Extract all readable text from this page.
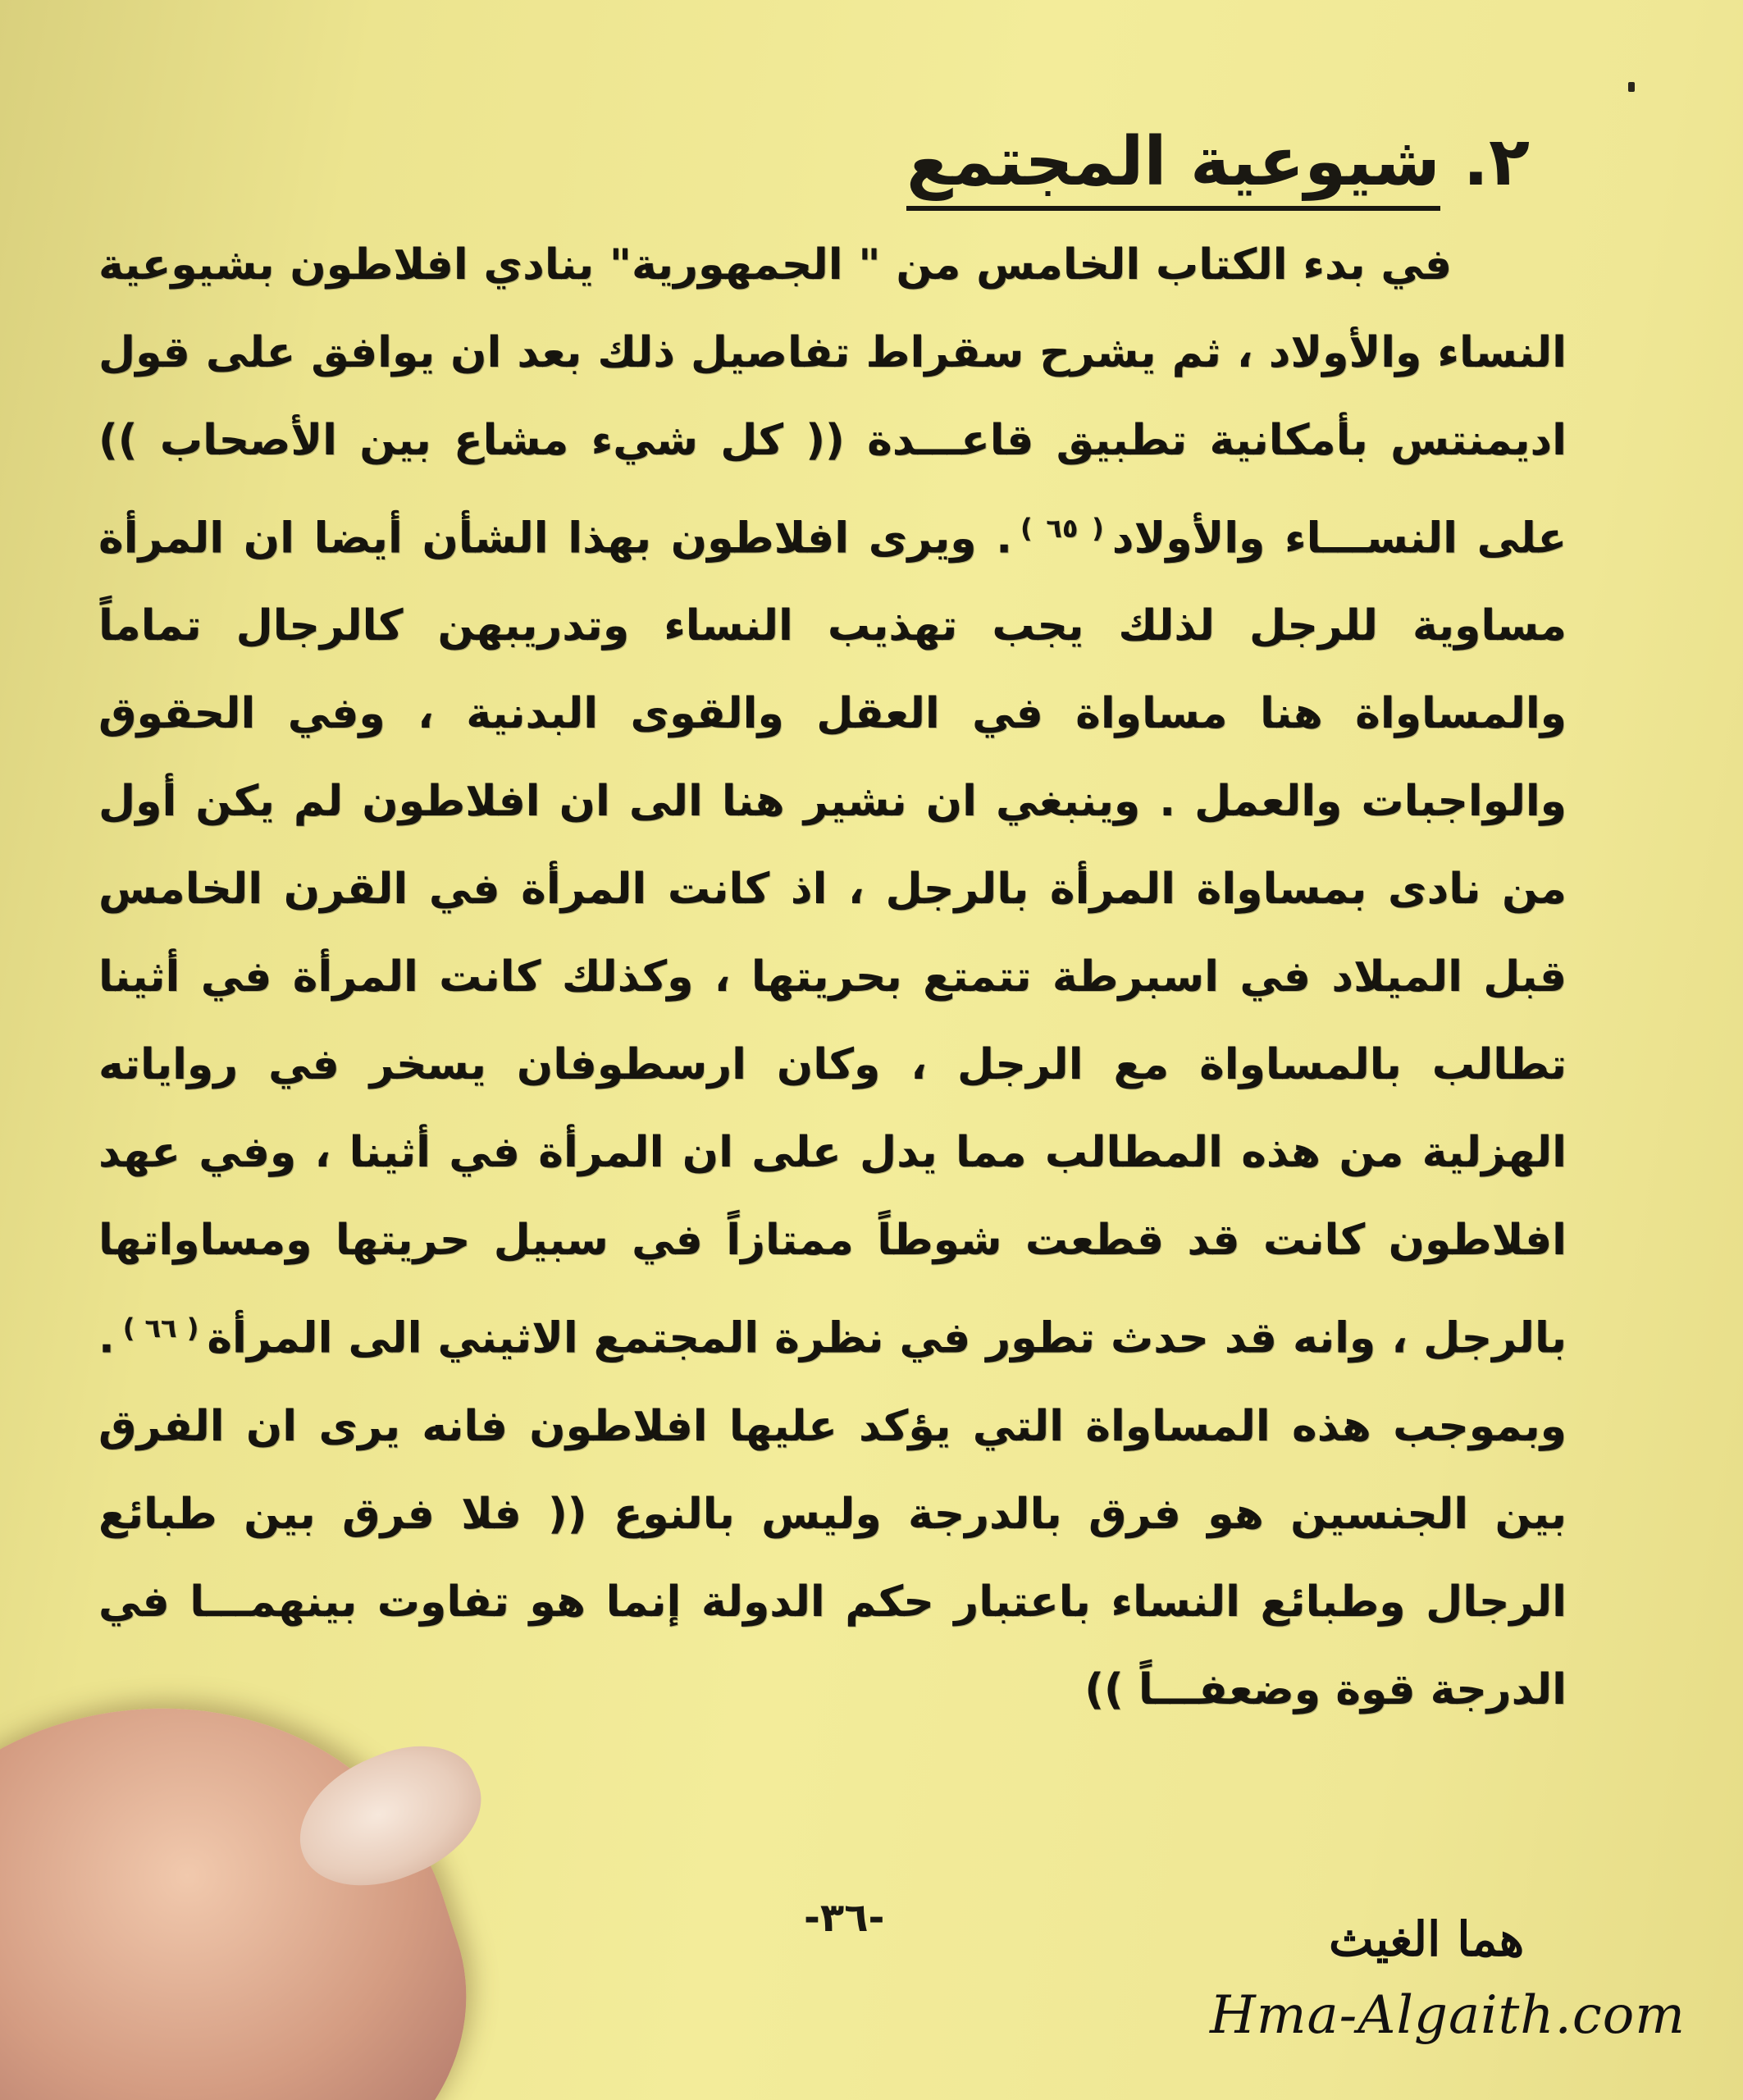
٢.
شيوعية المجتمع

في بدء الكتاب الخامس من " الجمهورية" ينادي افلاطون بشيوعية النساء والأولاد ، ثم يشرح سقراط تفاصيل ذلك بعد ان يوافق على قول اديمنتس بأمكانية تطبيق قاعـــدة (( كل شيء مشاع بين الأصحاب )) على النســـاء والأولاد$^{( ٦٥ )}$. ويرى افلاطون بهذا الشأن أيضا ان المرأة مساوية للرجل لذلك يجب تهذيب النساء وتدريبهن كالرجال تماماً والمساواة هنا مساواة في العقل والقوى البدنية ، وفي الحقوق والواجبات والعمل . وينبغي ان نشير هنا الى ان افلاطون لم يكن أول من نادى بمساواة المرأة بالرجل ، اذ كانت المرأة في القرن الخامس قبل الميلاد في اسبرطة تتمتع بحريتها ، وكذلك كانت المرأة في أثينا تطالب بالمساواة مع الرجل ، وكان ارسطوفان يسخر في رواياته الهزلية من هذه المطالب مما يدل على ان المرأة في أثينا ، وفي عهد افلاطون كانت قد قطعت شوطاً ممتازاً في سبيل حريتها ومساواتها بالرجل ، وانه قد حدث تطور في نظرة المجتمع الاثيني الى المرأة$^{( ٦٦ )}$. وبموجب هذه المساواة التي يؤكد عليها افلاطون فانه يرى ان الفرق بين الجنسين هو فرق بالدرجة وليس بالنوع (( فلا فرق بين طبائع الرجال وطبائع النساء باعتبار حكم الدولة إنما هو تفاوت بينهمـــا في الدرجة قوة وضعفـــاً ))

-٣٦-	هما الغيث
Hma-Algaith.com
